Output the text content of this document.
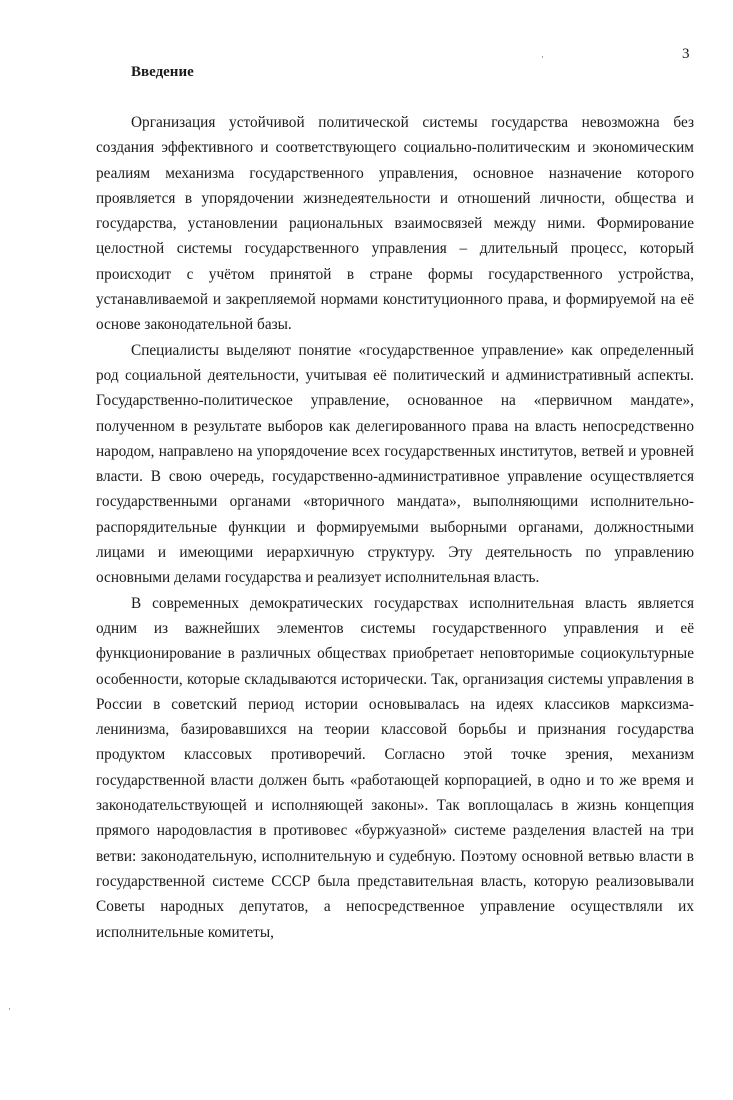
3
Введение

Организация устойчивой политической системы государства невозможна без создания эффективного и соответствующего социально-политическим и экономическим реалиям механизма государственного управления, основное назначение которого проявляется в упорядочении жизнедеятельности и отношений личности, общества и государства, установлении рациональных взаимосвязей между ними. Формирование целостной системы государственного управления – длительный процесс, который происходит с учётом принятой в стране формы государственного устройства, устанавливаемой и закрепляемой нормами конституционного права, и формируемой на её основе законодательной базы.

Специалисты выделяют понятие «государственное управление» как определенный род социальной деятельности, учитывая её политический и административный аспекты. Государственно-политическое управление, основанное на «первичном мандате», полученном в результате выборов как делегированного права на власть непосредственно народом, направлено на упорядочение всех государственных институтов, ветвей и уровней власти. В свою очередь, государственно-административное управление осуществляется государственными органами «вторичного мандата», выполняющими исполнительно-распорядительные функции и формируемыми выборными органами, должностными лицами и имеющими иерархичную структуру. Эту деятельность по управлению основными делами государства и реализует исполнительная власть.

В современных демократических государствах исполнительная власть является одним из важнейших элементов системы государственного управления и её функционирование в различных обществах приобретает неповторимые социокультурные особенности, которые складываются исторически. Так, организация системы управления в России в советский период истории основывалась на идеях классиков марксизма-ленинизма, базировавшихся на теории классовой борьбы и признания государства продуктом классовых противоречий. Согласно этой точке зрения, механизм государственной власти должен быть «работающей корпорацией, в одно и то же время и законодательствующей и исполняющей законы». Так воплощалась в жизнь концепция прямого народовластия в противовес «буржуазной» системе разделения властей на три ветви: законодательную, исполнительную и судебную. Поэтому основной ветвью власти в государственной системе СССР была представительная власть, которую реализовывали Советы народных депутатов, а непосредственное управление осуществляли их исполнительные комитеты,

·
·
